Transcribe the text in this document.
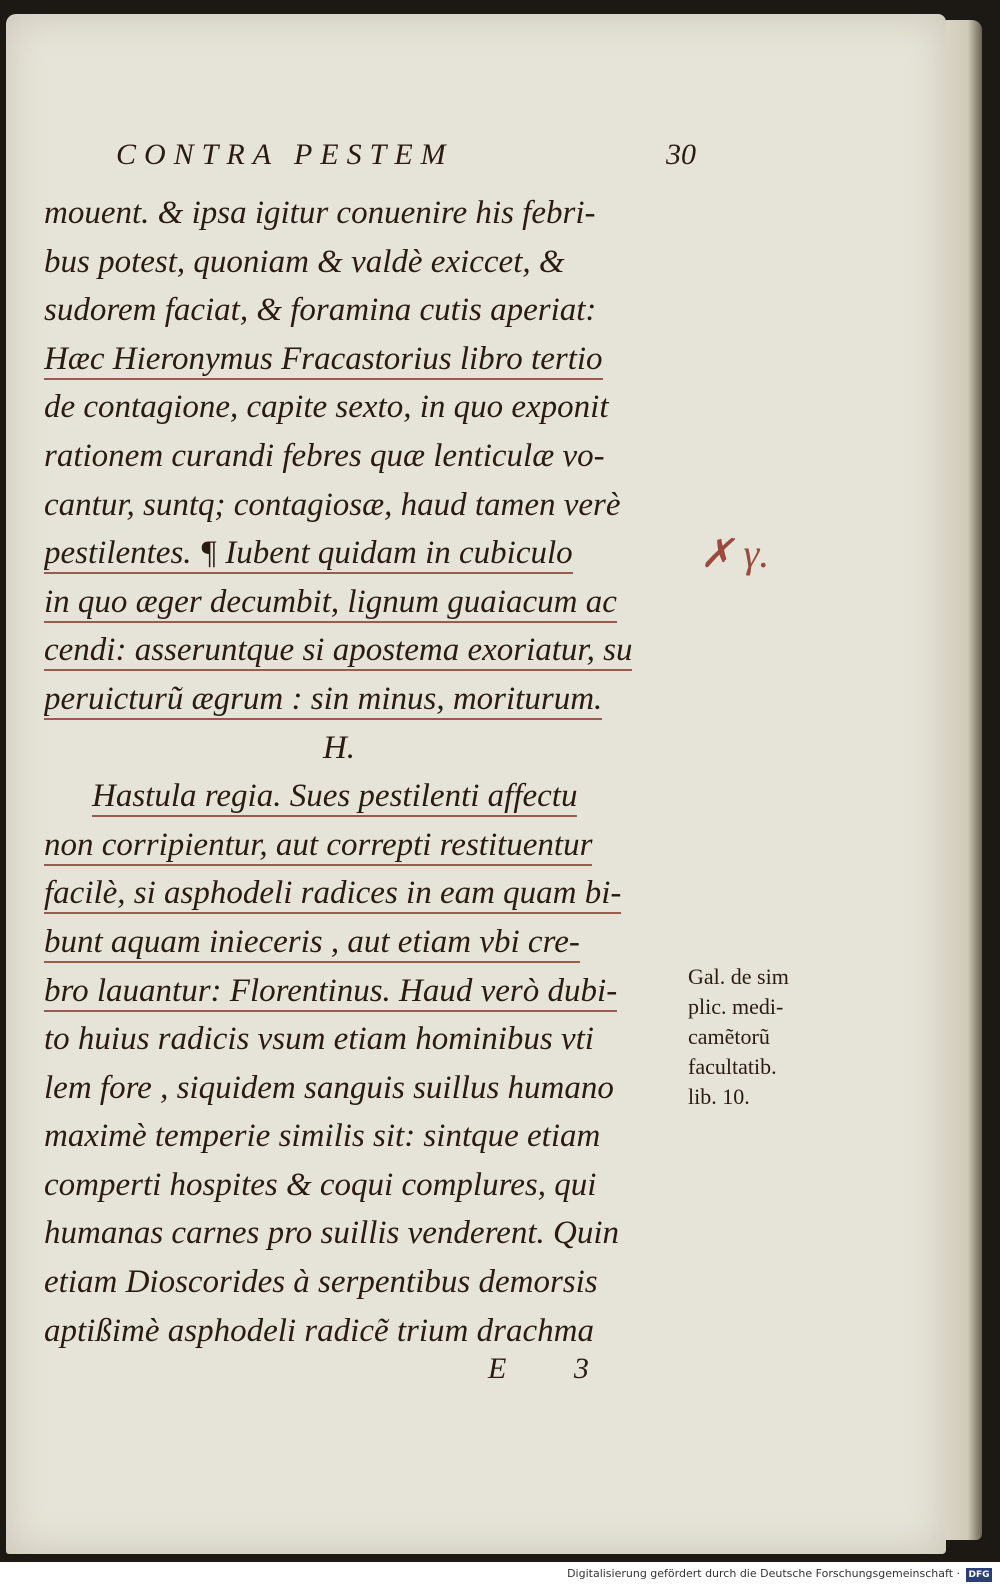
CONTRA PESTEM	30
mouent. & ipsa igitur conuenire his febri-
bus potest, quoniam & valdè exiccet, &
sudorem faciat, & foramina cutis aperiat:
Hæc Hieronymus Fracastorius libro tertio
de contagione, capite sexto, in quo exponit
rationem curandi febres quæ lenticulæ vo-
cantur, suntq; contagiosæ, haud tamen verè
pestilentes. ¶ Iubent quidam in cubiculo
in quo æger decumbit, lignum guaiacum ac
cendi: asseruntque si apostema exoriatur, su
peruicturũ ægrum : sin minus, moriturum.
H.
Hastula regia. Sues pestilenti affectu
non corripientur, aut correpti restituentur
facilè, si asphodeli radices in eam quam bi-
bunt aquam inieceris , aut etiam vbi cre-
bro lauantur: Florentinus. Haud verò dubi-
to huius radicis vsum etiam hominibus vti
lem fore , siquidem sanguis suillus humano
maximè temperie similis sit: sintque etiam
comperti hospites & coqui complures, qui
humanas carnes pro suillis venderent. Quin
etiam Dioscorides à serpentibus demorsis
aptißimè asphodeli radicẽ trium drachma
✗ γ.
Gal. de sim
plic. medi-
camẽtorũ
facultatib.
lib. 10.
E 3
Digitalisierung gefördert durch die Deutsche Forschungsgemeinschaft · DFG
